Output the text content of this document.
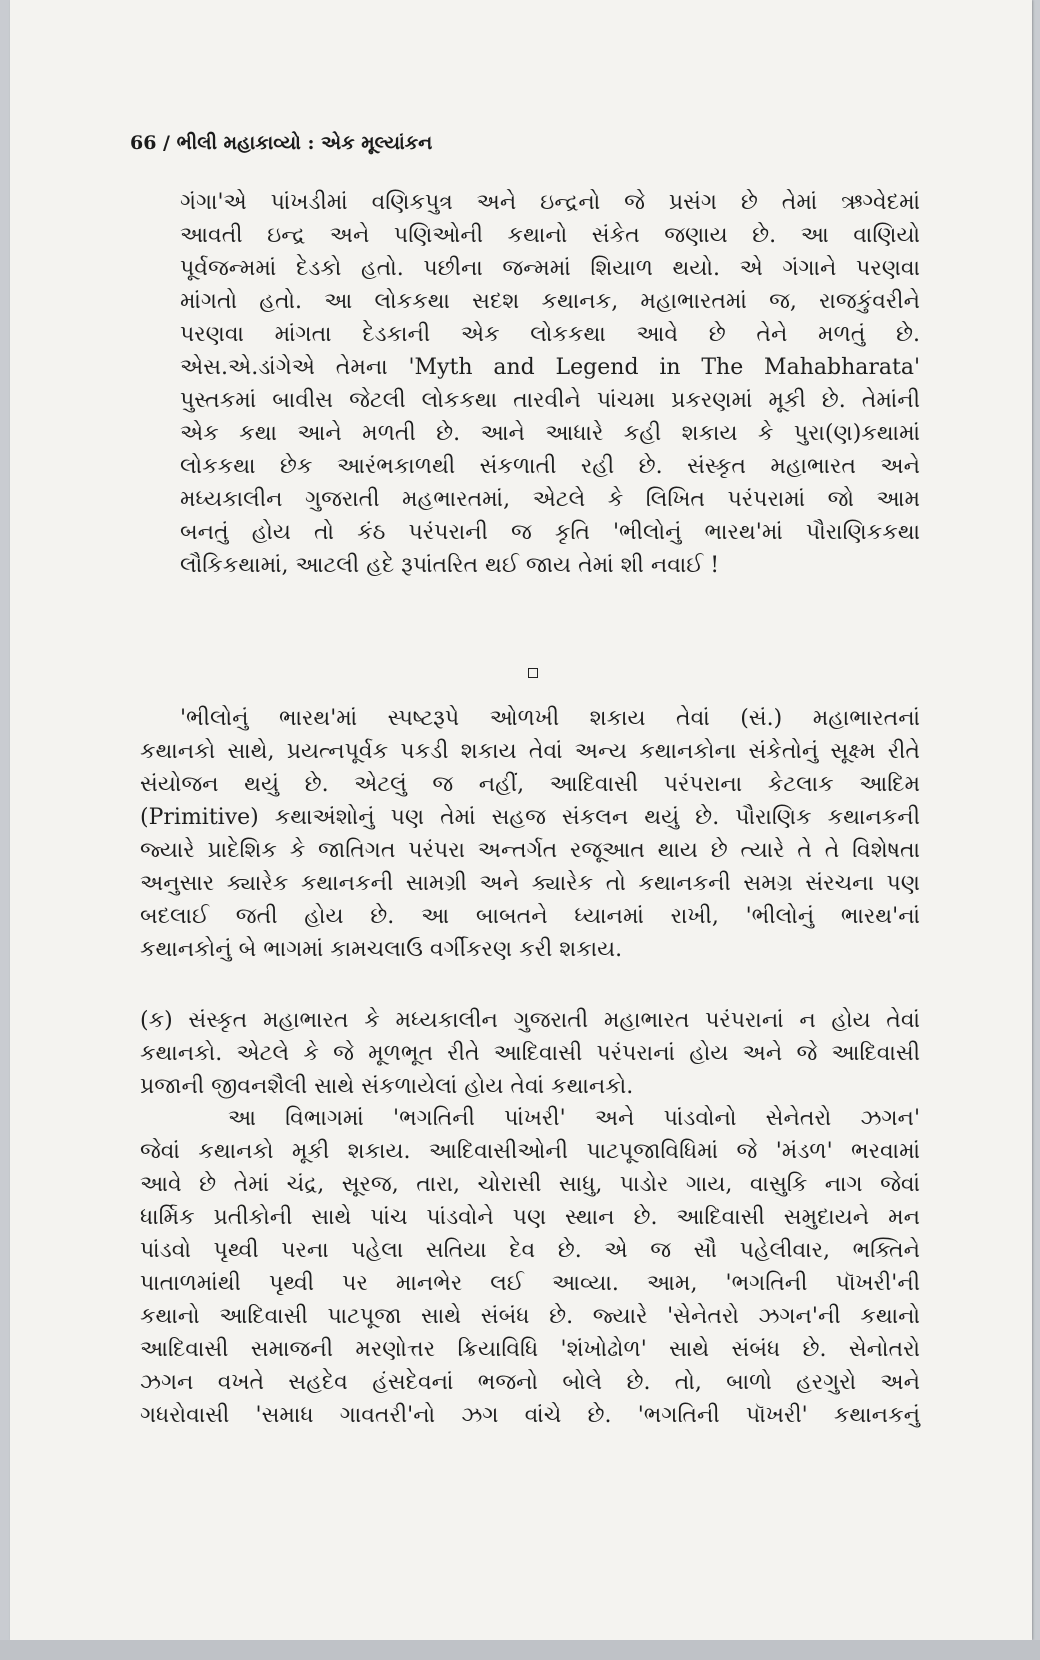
66 / ભીલી મહાકાવ્યો : એક મૂલ્યાંકન
ગંગા'એ પાંખડીમાં વણિકપુત્ર અને ઇન્દ્રનો જે પ્રસંગ છે તેમાં ઋગ્વેદમાં
આવતી ઇન્દ્ર અને પણિઓની કથાનો સંકેત જણાય છે. આ વાણિયો
પૂર્વજન્મમાં દેડકો હતો. પછીના જન્મમાં શિયાળ થયો. એ ગંગાને પરણવા
માંગતો હતો. આ લોકકથા સદશ કથાનક, મહાભારતમાં જ, રાજકુંવરીને
પરણવા માંગતા દેડકાની એક લોકકથા આવે છે તેને મળતું છે.
એસ.એ.ડાંગેએ તેમના 'Myth and Legend in The Mahabharata'
પુસ્તકમાં બાવીસ જેટલી લોકકથા તારવીને પાંચમા પ્રકરણમાં મૂકી છે. તેમાંની
એક કથા આને મળતી છે. આને આધારે કહી શકાય કે પુરા(ણ)કથામાં
લોકકથા છેક આરંભકાળથી સંકળાતી રહી છે. સંસ્કૃત મહાભારત અને
મધ્યકાલીન ગુજરાતી મહભારતમાં, એટલે કે લિખિત પરંપરામાં જો આમ
બનતું હોય તો કંઠ પરંપરાની જ કૃતિ 'ભીલોનું ભારથ'માં પૌરાણિકકથા
લૌકિકથામાં, આટલી હદે રૂપાંતરિત થઈ જાય તેમાં શી નવાઈ !
'ભીલોનું ભારથ'માં સ્પષ્ટરૂપે ઓળખી શકાય તેવાં (સં.) મહાભારતનાં
કથાનકો સાથે, પ્રયત્નપૂર્વક પકડી શકાય તેવાં અન્ય કથાનકોના સંકેતોનું સૂક્ષ્મ રીતે
સંયોજન થયું છે. એટલું જ નહીં, આદિવાસી પરંપરાના કેટલાક આદિમ
(Primitive) કથાઅંશોનું પણ તેમાં સહજ સંકલન થયું છે. પૌરાણિક કથાનકની
જ્યારે પ્રાદેશિક કે જાતિગત પરંપરા અન્તર્ગત રજૂઆત થાય છે ત્યારે તે તે વિશેષતા
અનુસાર ક્યારેક કથાનકની સામગ્રી અને ક્યારેક તો કથાનકની સમગ્ર સંરચના પણ
બદલાઈ જતી હોય છે. આ બાબતને ધ્યાનમાં રાખી, 'ભીલોનું ભારથ'નાં
કથાનકોનું બે ભાગમાં કામચલાઉ વર્ગીકરણ કરી શકાય.
(ક) સંસ્કૃત મહાભારત કે મધ્યકાલીન ગુજરાતી મહાભારત પરંપરાનાં ન હોય તેવાં
કથાનકો. એટલે કે જે મૂળભૂત રીતે આદિવાસી પરંપરાનાં હોય અને જે આદિવાસી
પ્રજાની જીવનશૈલી સાથે સંકળાયેલાં હોય તેવાં કથાનકો.
આ વિભાગમાં 'ભગતિની પાંખરી' અને પાંડવોનો સેનેતરો ઝગન'
જેવાં કથાનકો મૂકી શકાય. આદિવાસીઓની પાટપૂજાવિધિમાં જે 'મંડળ' ભરવામાં
આવે છે તેમાં ચંદ્ર, સૂરજ, તારા, ચોરાસી સાધુ, પાડોર ગાય, વાસુકિ નાગ જેવાં
ધાર્મિક પ્રતીકોની સાથે પાંચ પાંડવોને પણ સ્થાન છે. આદિવાસી સમુદાયને મન
પાંડવો પૃથ્વી પરના પહેલા સતિયા દેવ છે. એ જ સૌ પહેલીવાર, ભક્તિને
પાતાળમાંથી પૃથ્વી પર માનભેર લઈ આવ્યા. આમ, 'ભગતિની પૉખરી'ની
કથાનો આદિવાસી પાટપૂજા સાથે સંબંધ છે. જ્યારે 'સેનેતરો ઝગન'ની કથાનો
આદિવાસી સમાજની મરણોત્તર ક્રિયાવિધિ 'શંખોઢોળ' સાથે સંબંધ છે. સેનોતરો
ઝગન વખતે સહદેવ હંસદેવનાં ભજનો બોલે છે. તો, બાળો હરગુરો અને
ગધરોવાસી 'સમાધ ગાવતરી'નો ઝગ વાંચે છે. 'ભગતિની પૉખરી' કથાનકનું
